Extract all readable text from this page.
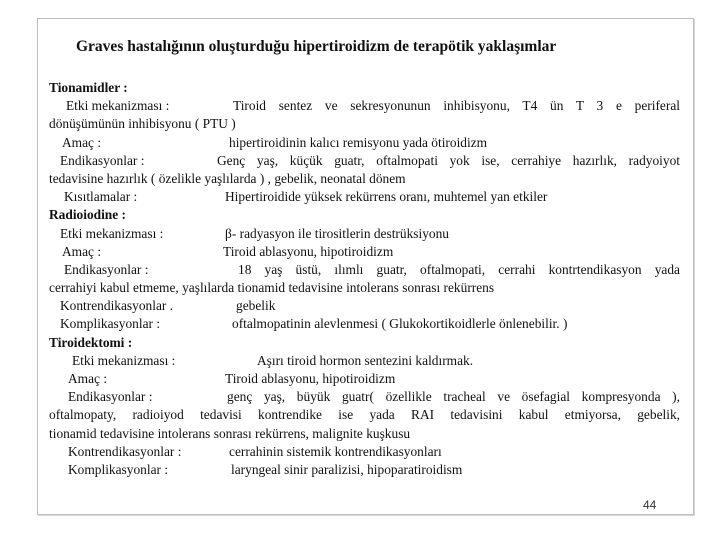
Graves hastalığının oluşturduğu hipertiroidizm de terapötik yaklaşımlar
Tionamidler :
Etki mekanizması :	Tiroid sentez ve sekresyonunun inhibisyonu, T4 ün T 3 e periferal
dönüşümünün inhibisyonu ( PTU )
Amaç :	hipertiroidinin kalıcı remisyonu yada ötiroidizm
Endikasyonlar :	Genç yaş, küçük guatr, oftalmopati yok ise, cerrahiye hazırlık, radyoiyot
tedavisine hazırlık ( özelikle yaşlılarda ) , gebelik, neonatal dönem
Kısıtlamalar :	Hipertiroidide yüksek rekürrens oranı, muhtemel yan etkiler
Radioiodine :
Etki mekanizması :	β- radyasyon ile tirositlerin destrüksiyonu
Amaç :	Tiroid ablasyonu, hipotiroidizm
Endikasyonlar :	18 yaş üstü, ılımlı guatr, oftalmopati, cerrahi kontrtendikasyon yada
cerrahiyi kabul etmeme, yaşlılarda tionamid tedavisine intolerans sonrası rekürrens
Kontrendikasyonlar .	gebelik
Komplikasyonlar :	oftalmopatinin alevlenmesi ( Glukokortikoidlerle önlenebilir. )
Tiroidektomi :
Etki mekanizması :	Aşırı tiroid hormon sentezini kaldırmak.
Amaç :	Tiroid ablasyonu, hipotiroidizm
Endikasyonlar :	genç yaş, büyük guatr( özellikle tracheal ve ösefagial kompresyonda ),
oftalmopaty, radioiyod tedavisi kontrendike ise yada RAI tedavisini kabul etmiyorsa, gebelik,
tionamid tedavisine intolerans sonrası rekürrens, malignite kuşkusu
Kontrendikasyonlar :	cerrahinin sistemik kontrendikasyonları
Komplikasyonlar :	laryngeal sinir paralizisi, hipoparatiroidism
44
